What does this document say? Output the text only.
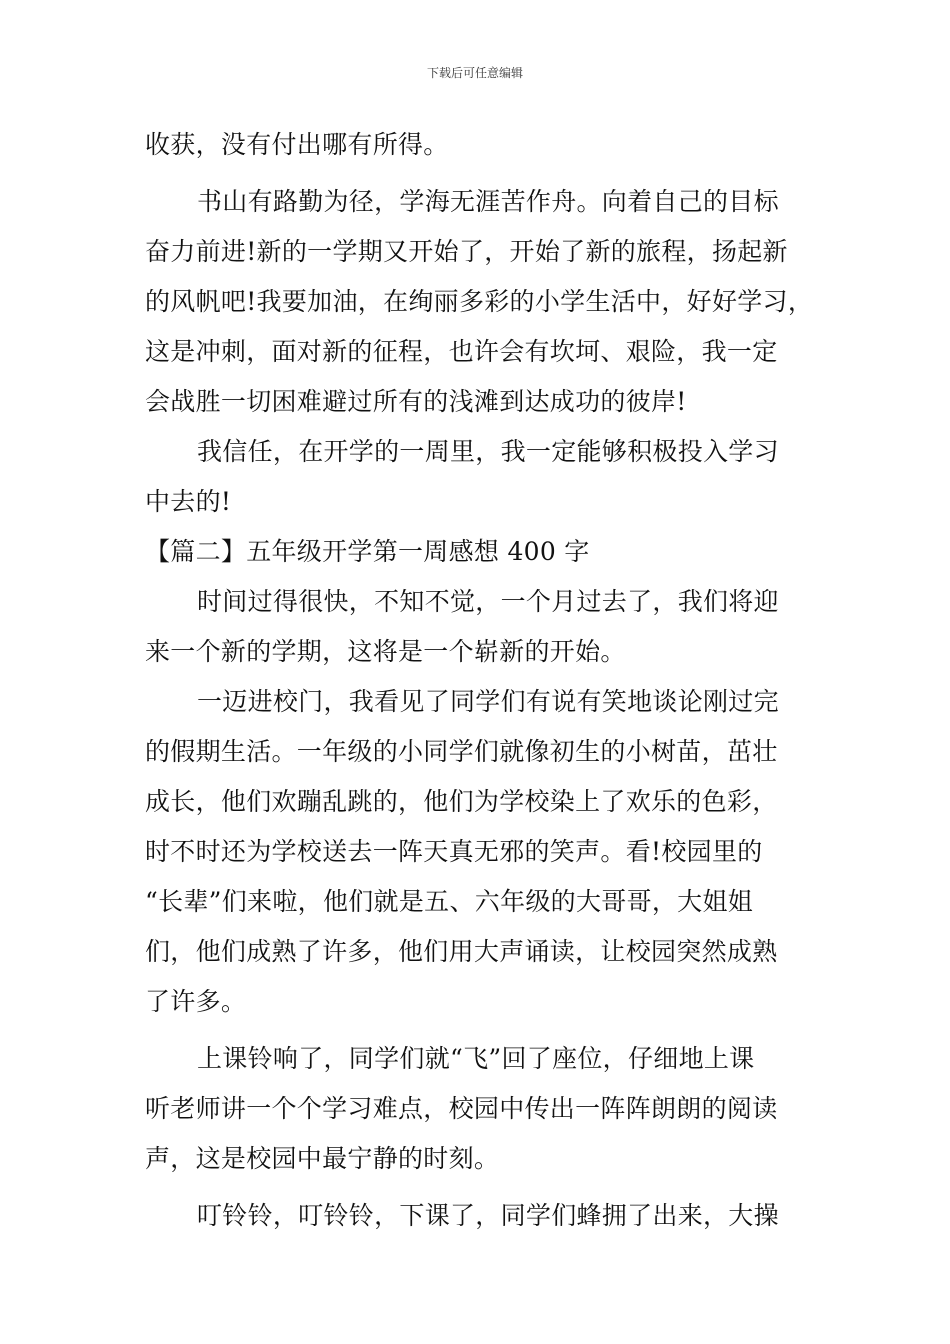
下载后可任意编辑
收获，没有付出哪有所得。
书山有路勤为径，学海无涯苦作舟。向着自己的目标
奋力前进!新的一学期又开始了，开始了新的旅程，扬起新
的风帆吧!我要加油，在绚丽多彩的小学生活中，好好学习，
这是冲刺，面对新的征程，也许会有坎坷、艰险，我一定
会战胜一切困难避过所有的浅滩到达成功的彼岸!
我信任，在开学的一周里，我一定能够积极投入学习
中去的!
【篇二】五年级开学第一周感想 400 字
时间过得很快，不知不觉，一个月过去了，我们将迎
来一个新的学期，这将是一个崭新的开始。
一迈进校门，我看见了同学们有说有笑地谈论刚过完
的假期生活。一年级的小同学们就像初生的小树苗，茁壮
成长，他们欢蹦乱跳的，他们为学校染上了欢乐的色彩，
时不时还为学校送去一阵天真无邪的笑声。看!校园里的
“长辈”们来啦，他们就是五、六年级的大哥哥，大姐姐
们，他们成熟了许多，他们用大声诵读，让校园突然成熟
了许多。
上课铃响了，同学们就“飞”回了座位，仔细地上课
听老师讲一个个学习难点，校园中传出一阵阵朗朗的阅读
声，这是校园中最宁静的时刻。
叮铃铃，叮铃铃，下课了，同学们蜂拥了出来，大操
